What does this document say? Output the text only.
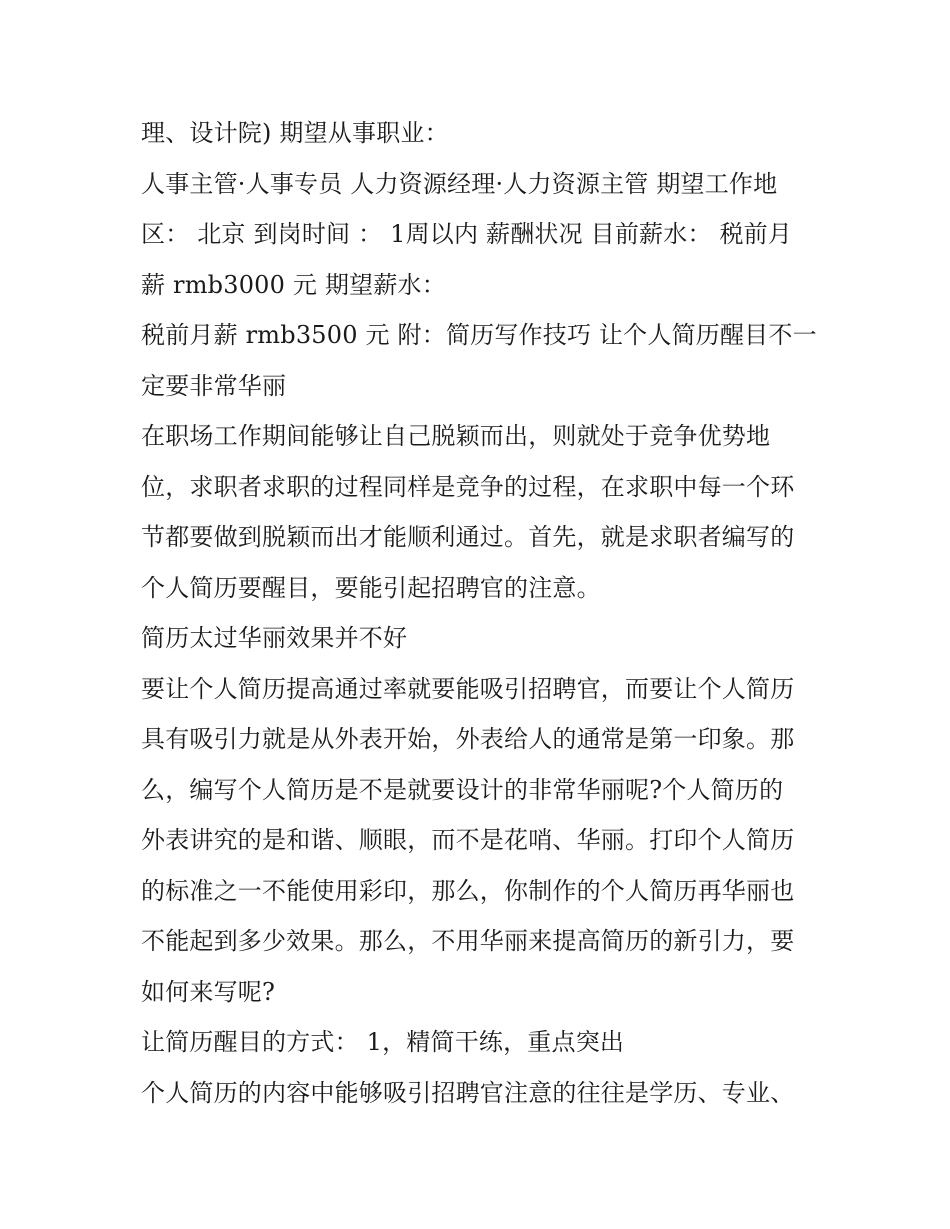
理、设计院) 期望从事职业：
人事主管·人事专员 人力资源经理·人力资源主管 期望工作地
区： 北京 到岗时间 ： 1周以内 薪酬状况 目前薪水： 税前月
薪 rmb3000 元 期望薪水：
税前月薪 rmb3500 元 附：简历写作技巧 让个人简历醒目不一
定要非常华丽
在职场工作期间能够让自己脱颖而出，则就处于竞争优势地
位，求职者求职的过程同样是竞争的过程，在求职中每一个环
节都要做到脱颖而出才能顺利通过。首先，就是求职者编写的
个人简历要醒目，要能引起招聘官的注意。
简历太过华丽效果并不好
要让个人简历提高通过率就要能吸引招聘官，而要让个人简历
具有吸引力就是从外表开始，外表给人的通常是第一印象。那
么，编写个人简历是不是就要设计的非常华丽呢?个人简历的
外表讲究的是和谐、顺眼，而不是花哨、华丽。打印个人简历
的标准之一不能使用彩印，那么，你制作的个人简历再华丽也
不能起到多少效果。那么，不用华丽来提高简历的新引力，要
如何来写呢?
让简历醒目的方式： 1，精简干练，重点突出
个人简历的内容中能够吸引招聘官注意的往往是学历、专业、
